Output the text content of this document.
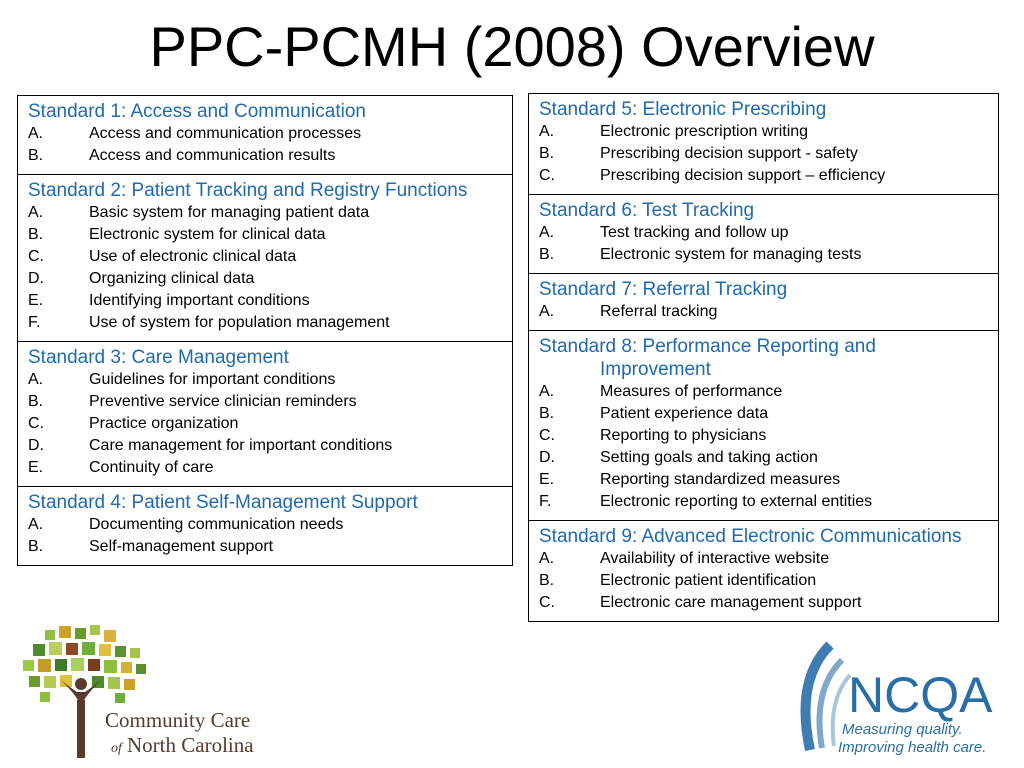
PPC-PCMH (2008) Overview
Standard 1: Access and Communication
A.	Access and communication processes
B.	Access and communication results
Standard 2: Patient Tracking and Registry Functions
A.	Basic system for managing patient data
B.	Electronic system for clinical data
C.	Use of electronic clinical data
D.	Organizing clinical data
E.	Identifying important conditions
F.	Use of system for population management
Standard 3: Care Management
A.	Guidelines for important conditions
B.	Preventive service clinician reminders
C.	Practice organization
D.	Care management for important conditions
E.	Continuity of care
Standard 4: Patient Self-Management Support
A.	Documenting communication needs
B.	Self-management support
Standard 5: Electronic Prescribing
A.	Electronic prescription writing
B.	Prescribing decision support - safety
C.	Prescribing decision support – efficiency
Standard 6: Test Tracking
A.	Test tracking and follow up
B.	Electronic system for managing tests
Standard 7: Referral Tracking
A.	Referral tracking
Standard 8: Performance Reporting and Improvement
A.	Measures of performance
B.	Patient experience data
C.	Reporting to physicians
D.	Setting goals and taking action
E.	Reporting standardized measures
F.	Electronic reporting to external entities
Standard 9: Advanced Electronic Communications
A.	Availability of interactive website
B.	Electronic patient identification
C.	Electronic care management support
Community Care
of North Carolina
NCQA
Measuring quality.
Improving health care.
